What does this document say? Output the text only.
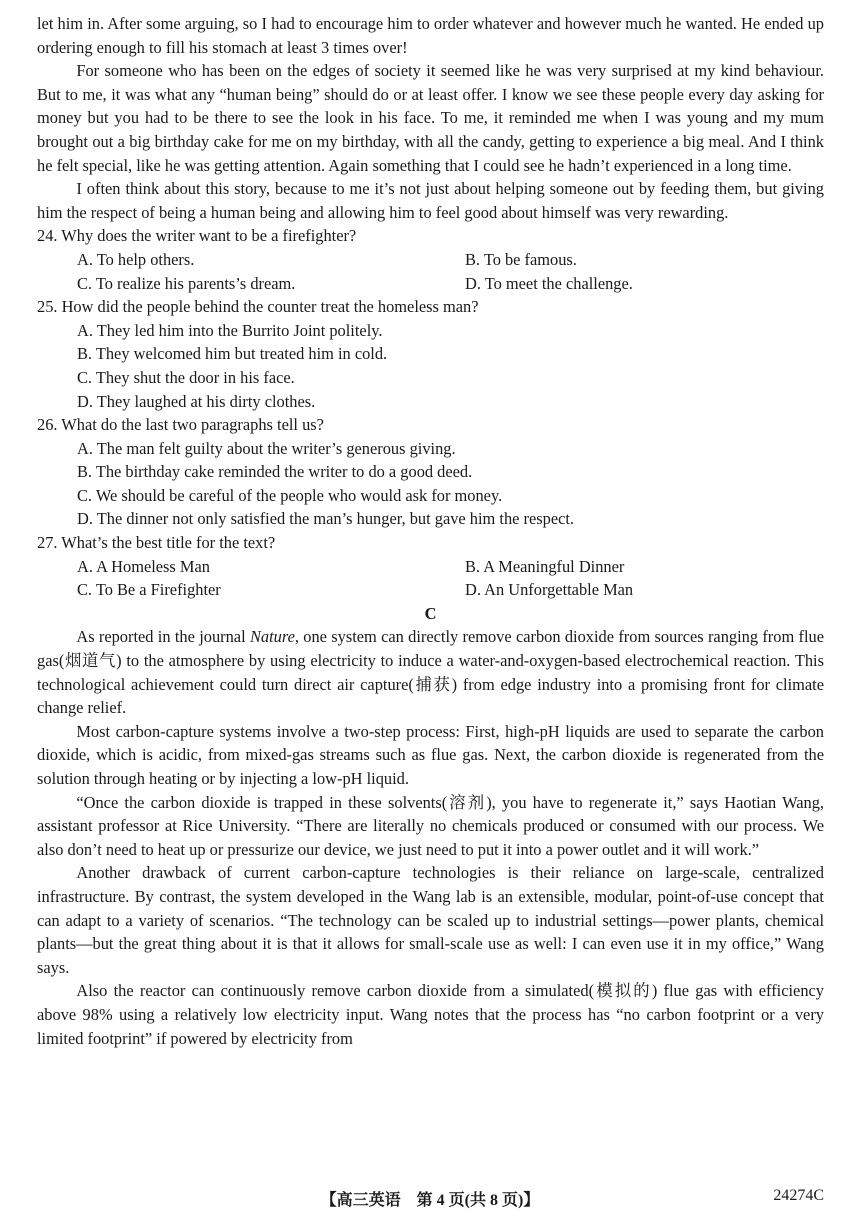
let him in. After some arguing, so I had to encourage him to order whatever and however much he wanted. He ended up ordering enough to fill his stomach at least 3 times over!

For someone who has been on the edges of society it seemed like he was very surprised at my kind behaviour. But to me, it was what any “human being” should do or at least offer. I know we see these people every day asking for money but you had to be there to see the look in his face. To me, it reminded me when I was young and my mum brought out a big birthday cake for me on my birthday, with all the candy, getting to experience a big meal. And I think he felt special, like he was getting attention. Again something that I could see he hadn’t experienced in a long time.

I often think about this story, because to me it’s not just about helping someone out by feeding them, but giving him the respect of being a human being and allowing him to feel good about himself was very rewarding.

24. Why does the writer want to be a firefighter?

A. To help others.	B. To be famous.

C. To realize his parents’s dream.	D. To meet the challenge.

25. How did the people behind the counter treat the homeless man?

A. They led him into the Burrito Joint politely.

B. They welcomed him but treated him in cold.

C. They shut the door in his face.

D. They laughed at his dirty clothes.

26. What do the last two paragraphs tell us?

A. The man felt guilty about the writer’s generous giving.

B. The birthday cake reminded the writer to do a good deed.

C. We should be careful of the people who would ask for money.

D. The dinner not only satisfied the man’s hunger, but gave him the respect.

27. What’s the best title for the text?

A. A Homeless Man	B. A Meaningful Dinner

C. To Be a Firefighter	D. An Unforgettable Man

C

As reported in the journal Nature, one system can directly remove carbon dioxide from sources ranging from flue gas(烟道气) to the atmosphere by using electricity to induce a water-and-oxygen-based electrochemical reaction. This technological achievement could turn direct air capture(捕获) from edge industry into a promising front for climate change relief.

Most carbon-capture systems involve a two-step process: First, high-pH liquids are used to separate the carbon dioxide, which is acidic, from mixed-gas streams such as flue gas. Next, the carbon dioxide is regenerated from the solution through heating or by injecting a low-pH liquid.

“Once the carbon dioxide is trapped in these solvents(溶剂), you have to regenerate it,” says Haotian Wang, assistant professor at Rice University. “There are literally no chemicals produced or consumed with our process. We also don’t need to heat up or pressurize our device, we just need to put it into a power outlet and it will work.”

Another drawback of current carbon-capture technologies is their reliance on large-scale, centralized infrastructure. By contrast, the system developed in the Wang lab is an extensible, modular, point-of-use concept that can adapt to a variety of scenarios. “The technology can be scaled up to industrial settings—power plants, chemical plants—but the great thing about it is that it allows for small-scale use as well: I can even use it in my office,” Wang says.

Also the reactor can continuously remove carbon dioxide from a simulated(模拟的) flue gas with efficiency above 98% using a relatively low electricity input. Wang notes that the process has “no carbon footprint or a very limited footprint” if powered by electricity from

【高三英语　第 4 页(共 8 页)】	24274C
